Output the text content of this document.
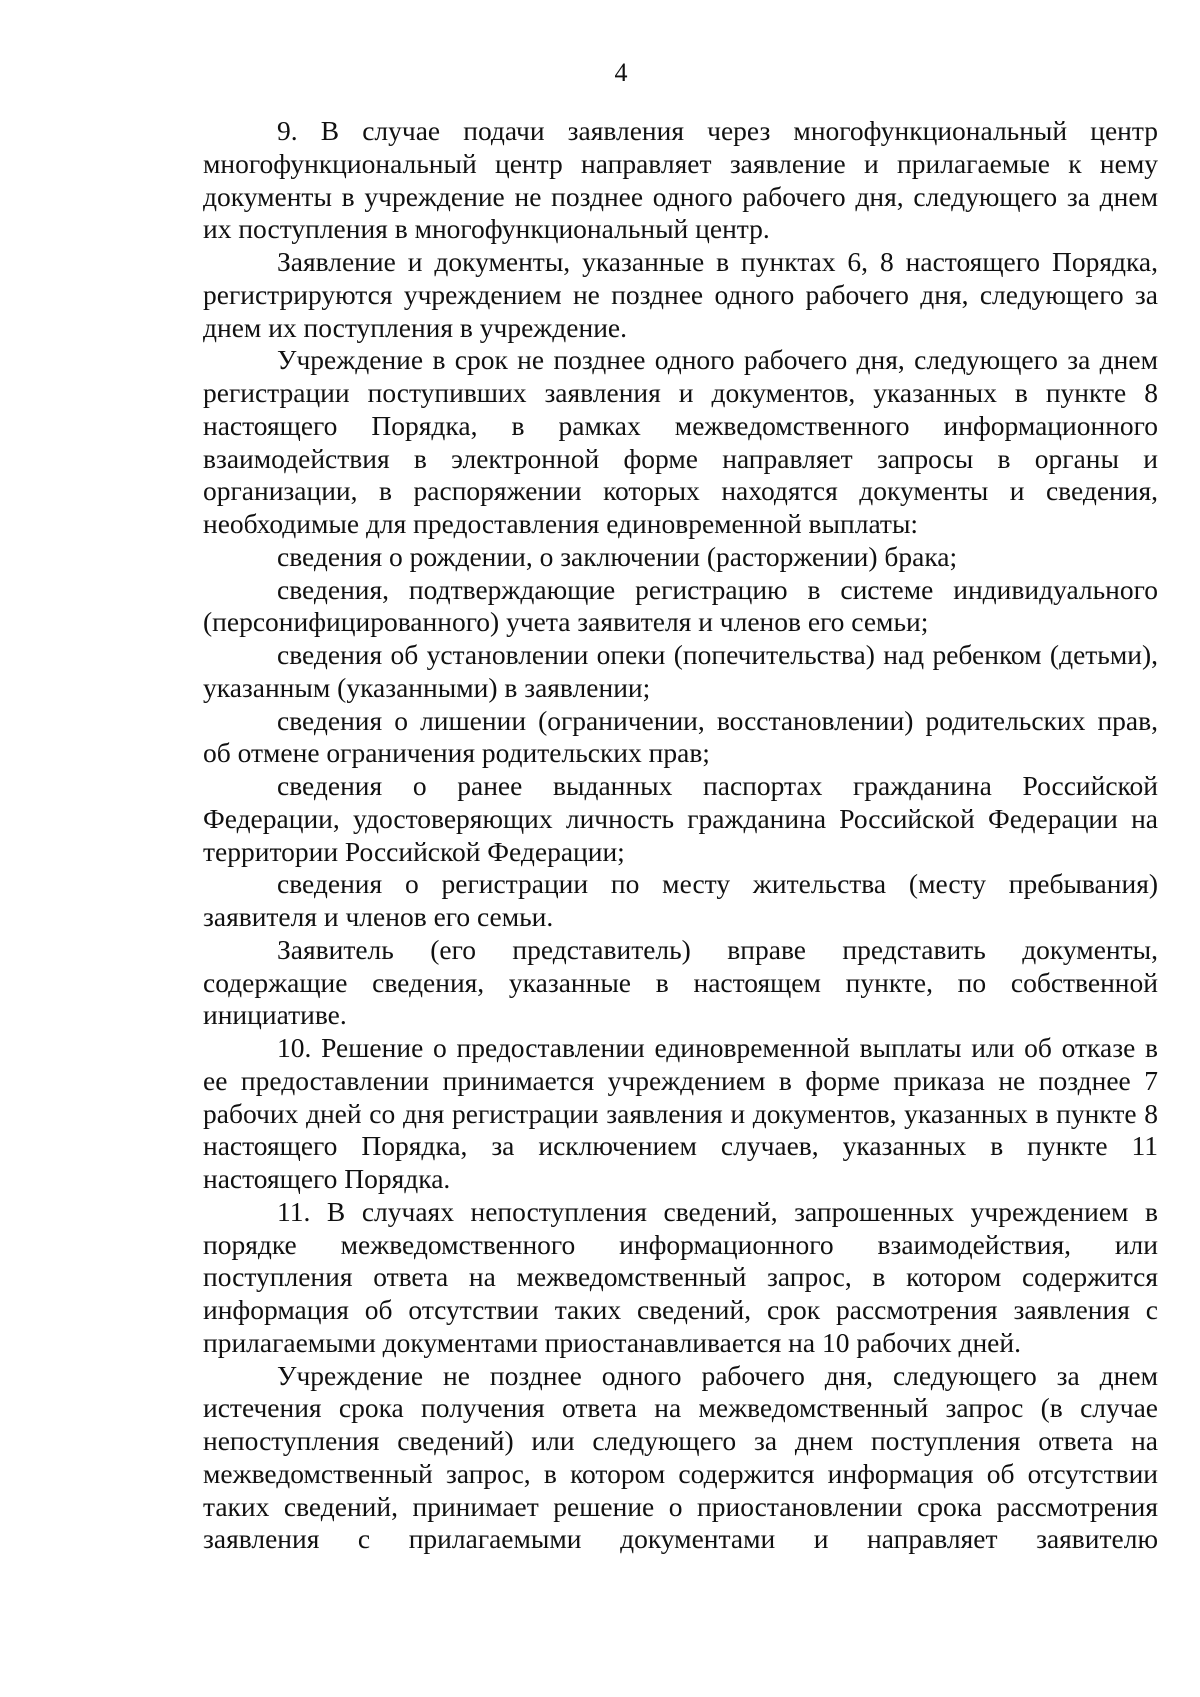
4

9. В случае подачи заявления через многофункциональный центр многофункциональный центр направляет заявление и прилагаемые к нему документы в учреждение не позднее одного рабочего дня, следующего за днем их поступления в многофункциональный центр.

Заявление и документы, указанные в пунктах 6, 8 настоящего Порядка, регистрируются учреждением не позднее одного рабочего дня, следующего за днем их поступления в учреждение.

Учреждение в срок не позднее одного рабочего дня, следующего за днем регистрации поступивших заявления и документов, указанных в пункте 8 настоящего Порядка, в рамках межведомственного информационного взаимодействия в электронной форме направляет запросы в органы и организации, в распоряжении которых находятся документы и сведения, необходимые для предоставления единовременной выплаты:

сведения о рождении, о заключении (расторжении) брака;

сведения, подтверждающие регистрацию в системе индивидуального (персонифицированного) учета заявителя и членов его семьи;

сведения об установлении опеки (попечительства) над ребенком (детьми), указанным (указанными) в заявлении;

сведения о лишении (ограничении, восстановлении) родительских прав, об отмене ограничения родительских прав;

сведения о ранее выданных паспортах гражданина Российской Федерации, удостоверяющих личность гражданина Российской Федерации на территории Российской Федерации;

сведения о регистрации по месту жительства (месту пребывания) заявителя и членов его семьи.

Заявитель (его представитель) вправе представить документы, содержащие сведения, указанные в настоящем пункте, по собственной инициативе.

10. Решение о предоставлении единовременной выплаты или об отказе в ее предоставлении принимается учреждением в форме приказа не позднее 7 рабочих дней со дня регистрации заявления и документов, указанных в пункте 8 настоящего Порядка, за исключением случаев, указанных в пункте 11 настоящего Порядка.

11. В случаях непоступления сведений, запрошенных учреждением в порядке межведомственного информационного взаимодействия, или поступления ответа на межведомственный запрос, в котором содержится информация об отсутствии таких сведений, срок рассмотрения заявления с прилагаемыми документами приостанавливается на 10 рабочих дней.

Учреждение не позднее одного рабочего дня, следующего за днем истечения срока получения ответа на межведомственный запрос (в случае непоступления сведений) или следующего за днем поступления ответа на межведомственный запрос, в котором содержится информация об отсутствии таких сведений, принимает решение о приостановлении срока рассмотрения заявления с прилагаемыми документами и направляет заявителю
